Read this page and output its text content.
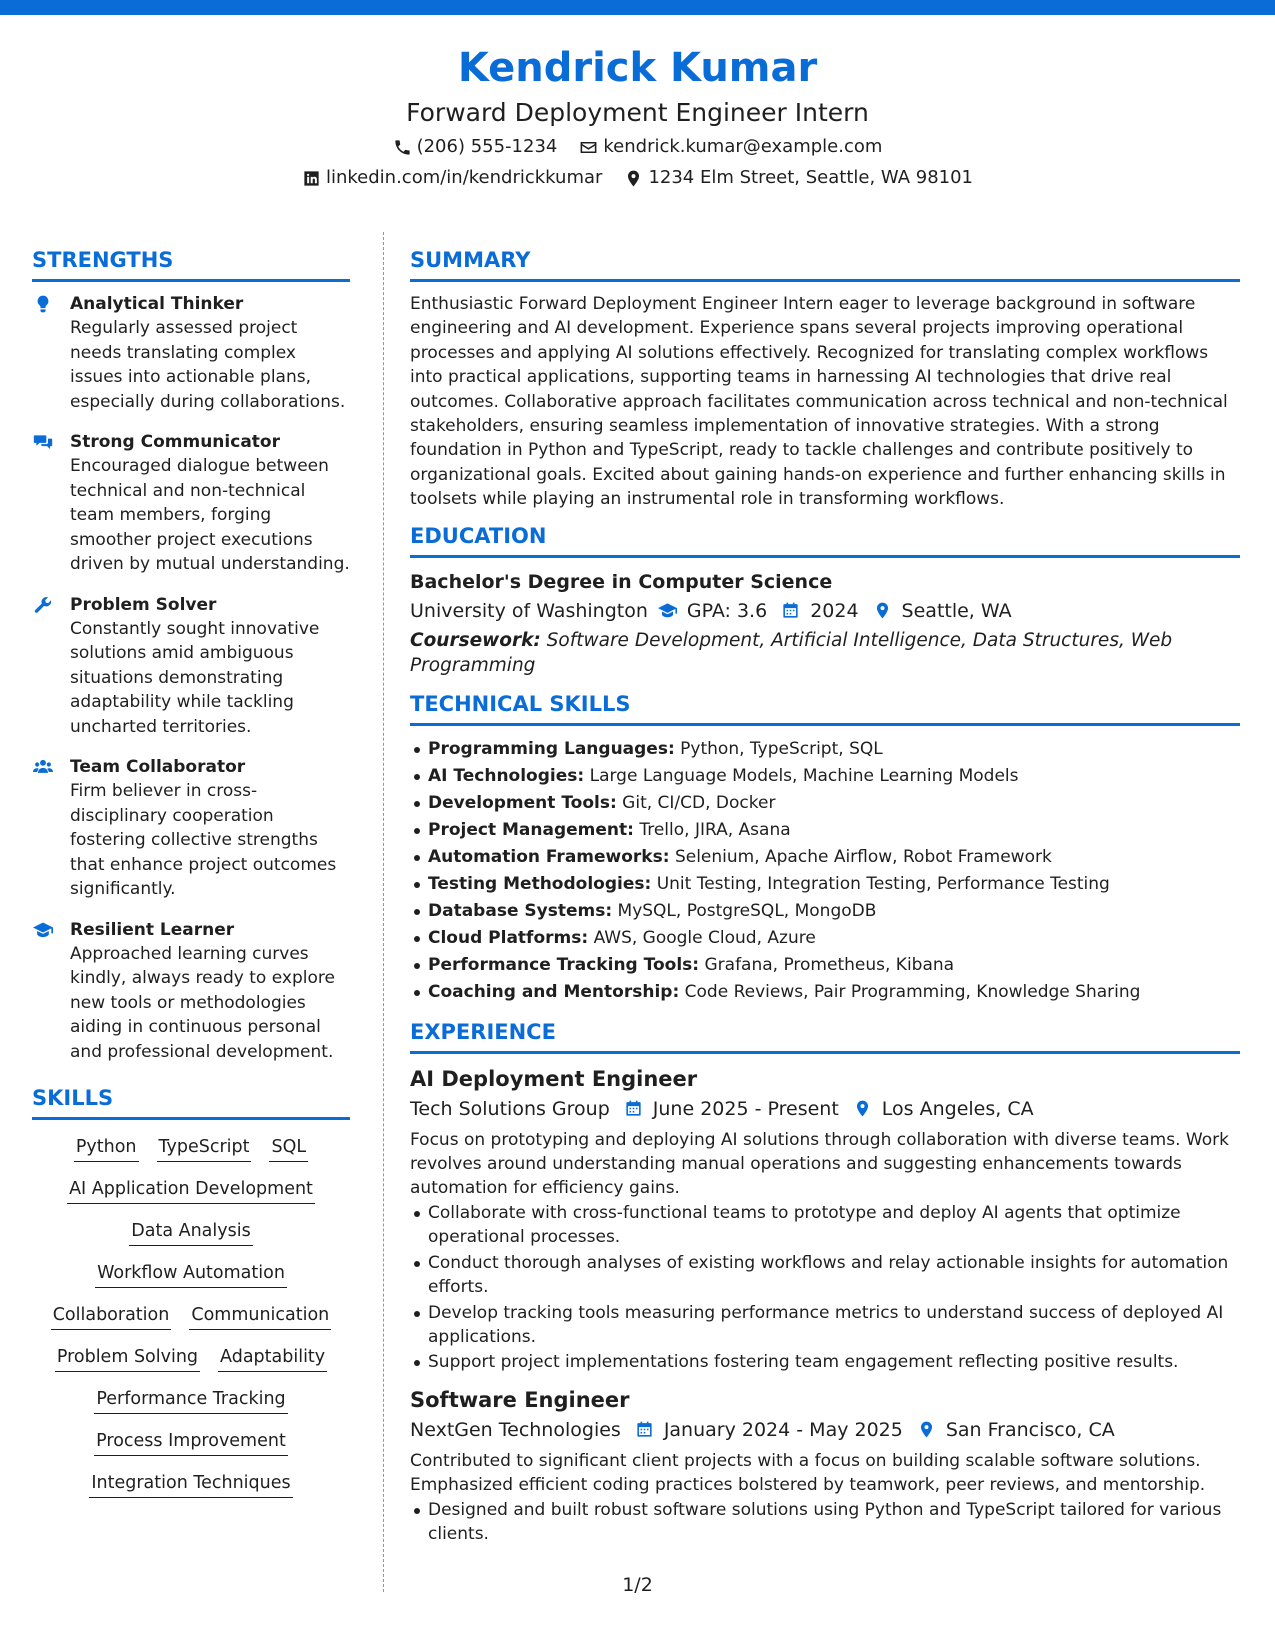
Kendrick Kumar
Forward Deployment Engineer Intern
(206) 555-1234	kendrick.kumar@example.com
linkedin.com/in/kendrickkumar	1234 Elm Street, Seattle, WA 98101
STRENGTHS
Analytical Thinker
Regularly assessed project needs translating complex issues into actionable plans, especially during collaborations.
Strong Communicator
Encouraged dialogue between technical and non-technical team members, forging smoother project executions driven by mutual understanding.
Problem Solver
Constantly sought innovative solutions amid ambiguous situations demonstrating adaptability while tackling uncharted territories.
Team Collaborator
Firm believer in cross-disciplinary cooperation fostering collective strengths that enhance project outcomes significantly.
Resilient Learner
Approached learning curves kindly, always ready to explore new tools or methodologies aiding in continuous personal and professional development.
SKILLS
Python TypeScript SQL
AI Application Development
Data Analysis
Workflow Automation
Collaboration Communication
Problem Solving Adaptability
Performance Tracking
Process Improvement
Integration Techniques
SUMMARY

Enthusiastic Forward Deployment Engineer Intern eager to leverage background in software engineering and AI development. Experience spans several projects improving operational processes and applying AI solutions effectively. Recognized for translating complex workflows into practical applications, supporting teams in harnessing AI technologies that drive real outcomes. Collaborative approach facilitates communication across technical and non-technical stakeholders, ensuring seamless implementation of innovative strategies. With a strong foundation in Python and TypeScript, ready to tackle challenges and contribute positively to organizational goals. Excited about gaining hands-on experience and further enhancing skills in toolsets while playing an instrumental role in transforming workflows.

EDUCATION
Bachelor's Degree in Computer Science
University of Washington GPA: 3.6 2024 Seattle, WA
Coursework: Software Development, Artificial Intelligence, Data Structures, Web Programming
TECHNICAL SKILLS
Programming Languages: Python, TypeScript, SQL
AI Technologies: Large Language Models, Machine Learning Models
Development Tools: Git, CI/CD, Docker
Project Management: Trello, JIRA, Asana
Automation Frameworks: Selenium, Apache Airflow, Robot Framework
Testing Methodologies: Unit Testing, Integration Testing, Performance Testing
Database Systems: MySQL, PostgreSQL, MongoDB
Cloud Platforms: AWS, Google Cloud, Azure
Performance Tracking Tools: Grafana, Prometheus, Kibana
Coaching and Mentorship: Code Reviews, Pair Programming, Knowledge Sharing
EXPERIENCE
AI Deployment Engineer
Tech Solutions Group June 2025 - Present Los Angeles, CA

Focus on prototyping and deploying AI solutions through collaboration with diverse teams. Work revolves around understanding manual operations and suggesting enhancements towards automation for efficiency gains.

Collaborate with cross-functional teams to prototype and deploy AI agents that optimize operational processes.
Conduct thorough analyses of existing workflows and relay actionable insights for automation efforts.
Develop tracking tools measuring performance metrics to understand success of deployed AI applications.
Support project implementations fostering team engagement reflecting positive results.
Software Engineer
NextGen Technologies January 2024 - May 2025 San Francisco, CA

Contributed to significant client projects with a focus on building scalable software solutions. Emphasized efficient coding practices bolstered by teamwork, peer reviews, and mentorship.

Designed and built robust software solutions using Python and TypeScript tailored for various clients.
1/2
